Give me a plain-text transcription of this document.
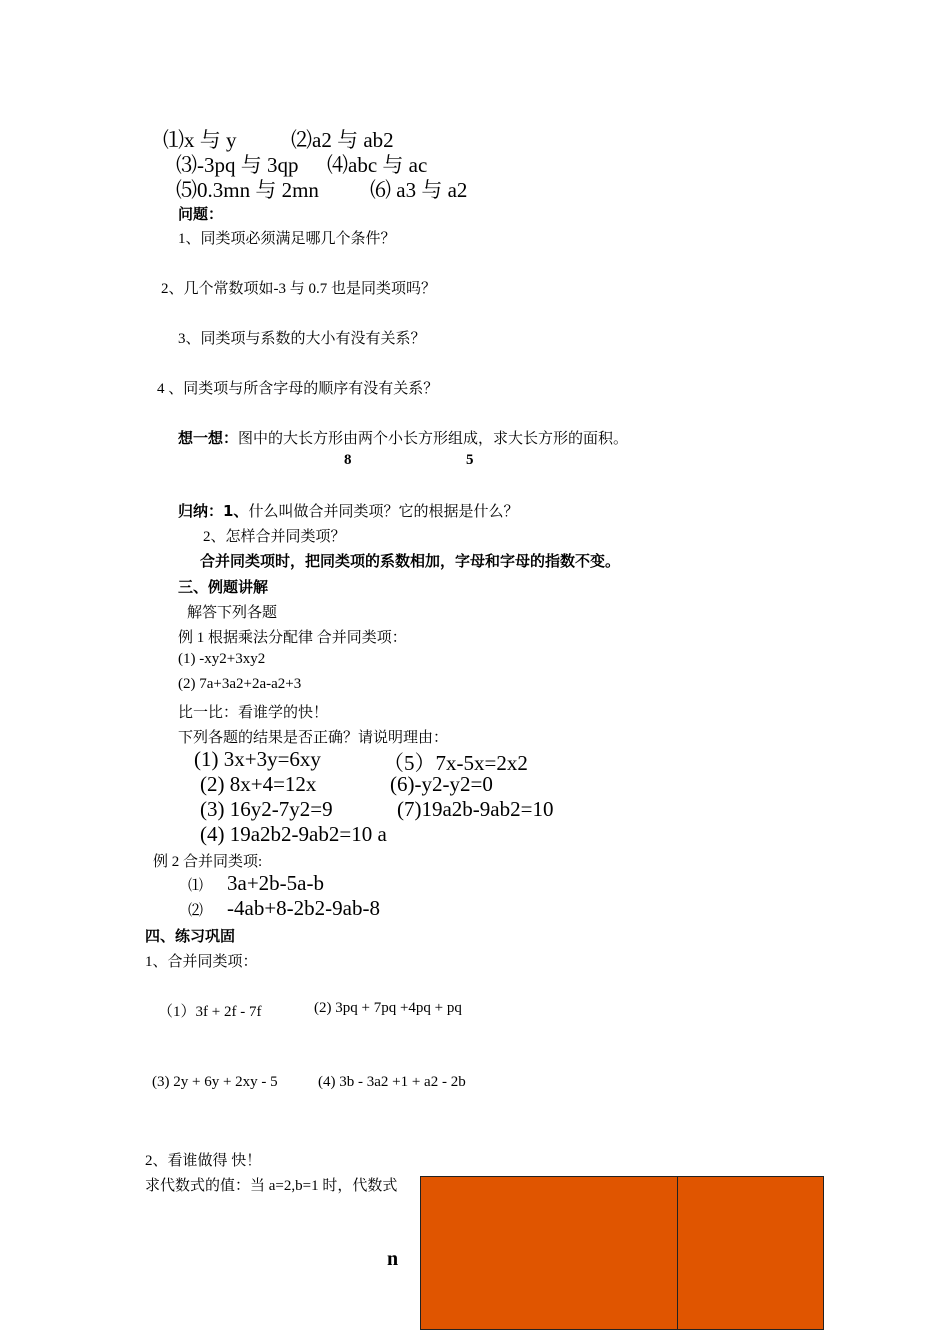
⑴x 与 y	⑵a2 与 ab2
⑶-3pq 与 3qp ⑷abc 与 ac
⑸0.3mn 与 2mn ⑹ a3 与 a2
问题：
1、同类项必须满足哪几个条件？
2、几个常数项如-3 与 0.7 也是同类项吗？
3、同类项与系数的大小有没有关系？
4 、同类项与所含字母的顺序有没有关系？
想一想：图中的大长方形由两个小长方形组成，求大长方形的面积。
8	5
归纳：1、什么叫做合并同类项？它的根据是什么？
2、怎样合并同类项？
合并同类项时，把同类项的系数相加，字母和字母的指数不变。
三、例题讲解
解答下列各题
例 1 根据乘法分配律 合并同类项：
(1) -xy2+3xy2
(2) 7a+3a2+2a-a2+3
比一比：看谁学的快！
下列各题的结果是否正确？请说明理由：
(1) 3x+3y=6xy	（5）7x-5x=2x2
(2) 8x+4=12x	(6)-y2-y2=0
(3) 16y2-7y2=9	(7)19a2b-9ab2=10
(4) 19a2b2-9ab2=10 a
例 2 合并同类项:
⑴ 3a+2b-5a-b
⑵ -4ab+8-2b2-9ab-8
四、练习巩固
1、合并同类项：
（1）3f + 2f - 7f	(2) 3pq + 7pq +4pq + pq
(3) 2y + 6y + 2xy - 5	(4) 3b - 3a2 +1 + a2 - 2b
2、看谁做得 快！
求代数式的值：当 a=2,b=1 时，代数式
n
